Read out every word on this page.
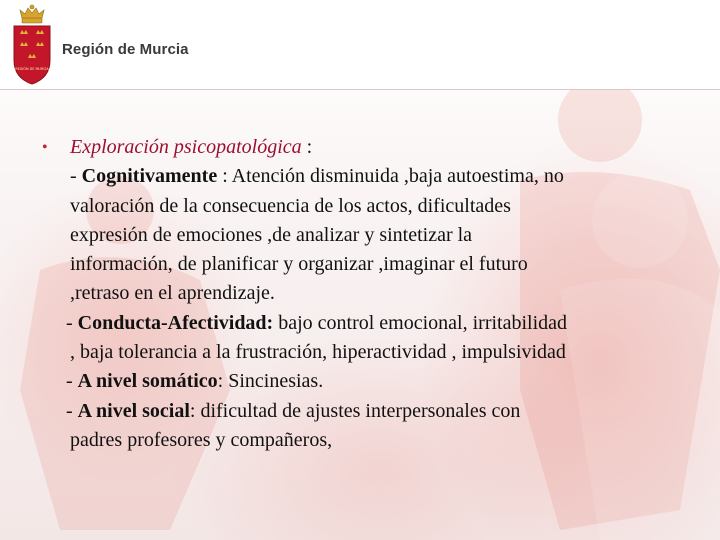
REGIÓN DE MURCIA
Región de Murcia
• Exploración psicopatológica :
- Cognitivamente : Atención disminuida ,baja autoestima, no
valoración de la consecuencia de los actos, dificultades
expresión de emociones ,de analizar y sintetizar la
información, de planificar y organizar ,imaginar el futuro
,retraso en el aprendizaje.
- Conducta-Afectividad: bajo control emocional, irritabilidad
, baja tolerancia a la frustración, hiperactividad , impulsividad
- A nivel somático: Sincinesias.
- A nivel social: dificultad de ajustes interpersonales con
padres profesores y compañeros,
